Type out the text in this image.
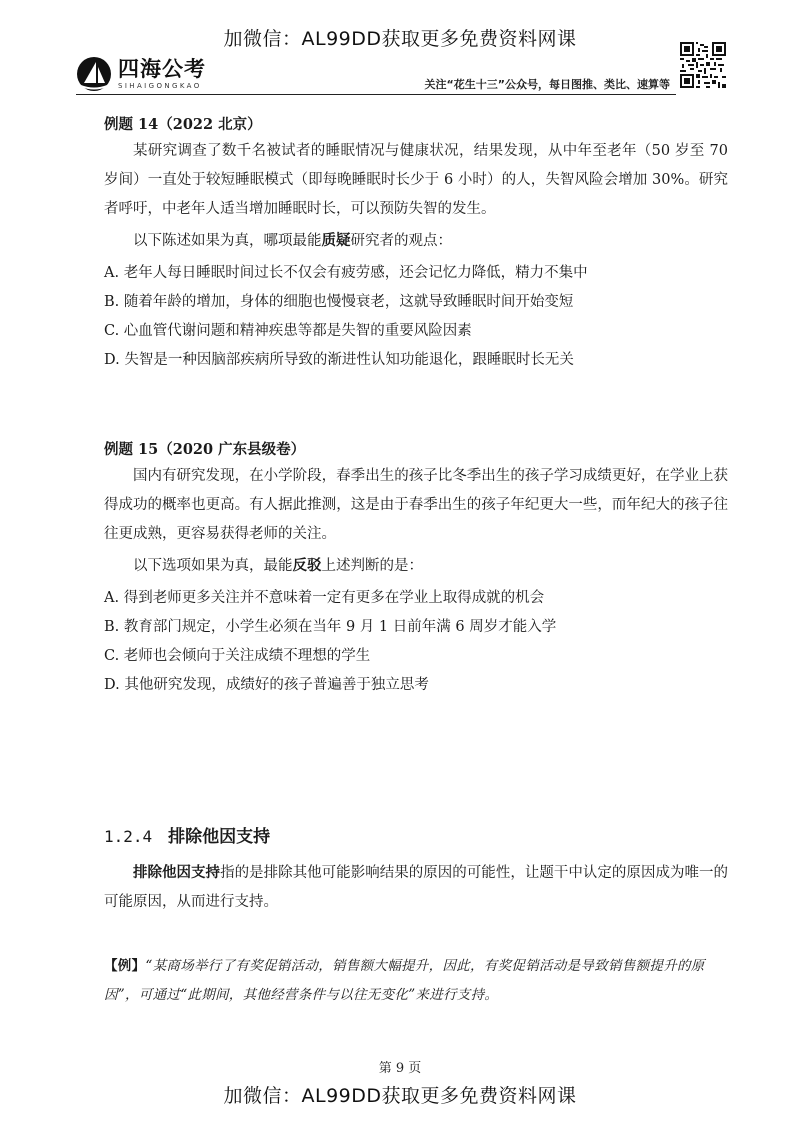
加微信：AL99DD获取更多免费资料网课
四海公考
SIHAIGONGKAO	关注“花生十三”公众号，每日图推、类比、速算等
例题 14（2022 北京）

某研究调查了数千名被试者的睡眠情况与健康状况，结果发现，从中年至老年（50 岁至 70 岁间）一直处于较短睡眠模式（即每晚睡眠时长少于 6 小时）的人，失智风险会增加 30%。研究者呼吁，中老年人适当增加睡眠时长，可以预防失智的发生。

以下陈述如果为真，哪项最能质疑研究者的观点：
A. 老年人每日睡眠时间过长不仅会有疲劳感，还会记忆力降低，精力不集中
B. 随着年龄的增加，身体的细胞也慢慢衰老，这就导致睡眠时间开始变短
C. 心血管代谢问题和精神疾患等都是失智的重要风险因素
D. 失智是一种因脑部疾病所导致的渐进性认知功能退化，跟睡眠时长无关
例题 15（2020 广东县级卷）

国内有研究发现，在小学阶段，春季出生的孩子比冬季出生的孩子学习成绩更好，在学业上获得成功的概率也更高。有人据此推测，这是由于春季出生的孩子年纪更大一些，而年纪大的孩子往往更成熟，更容易获得老师的关注。

以下选项如果为真，最能反驳上述判断的是：
A. 得到老师更多关注并不意味着一定有更多在学业上取得成就的机会
B. 教育部门规定，小学生必须在当年 9 月 1 日前年满 6 周岁才能入学
C. 老师也会倾向于关注成绩不理想的学生
D. 其他研究发现，成绩好的孩子普遍善于独立思考
1.2.4 排除他因支持

排除他因支持指的是排除其他可能影响结果的原因的可能性，让题干中认定的原因成为唯一的可能原因，从而进行支持。

【例】“某商场举行了有奖促销活动，销售额大幅提升，因此，有奖促销活动是导致销售额提升的原因”，可通过“此期间，其他经营条件与以往无变化”来进行支持。
第 9 页
加微信：AL99DD获取更多免费资料网课
